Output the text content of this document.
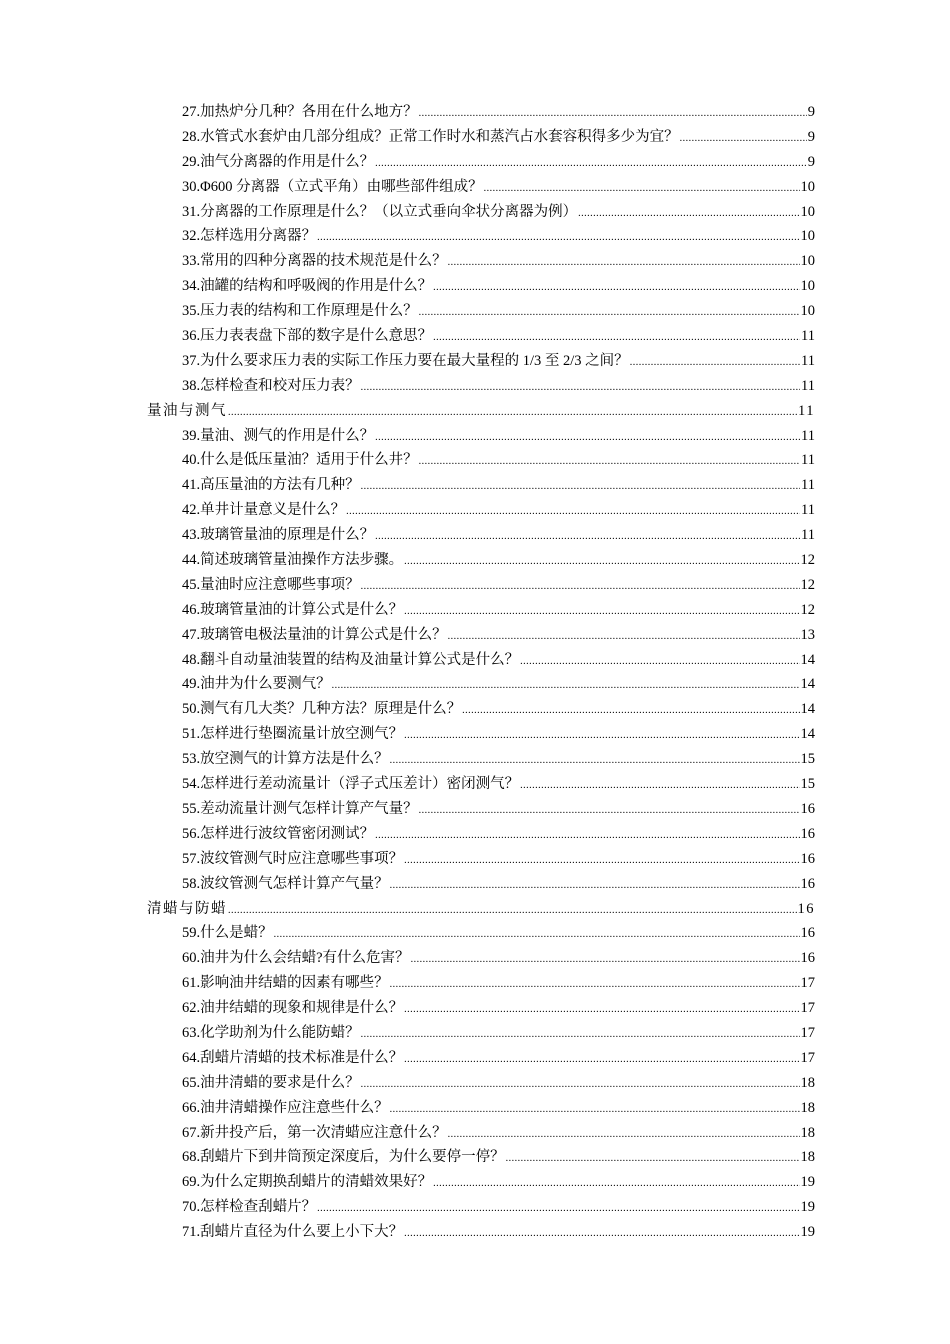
27.加热炉分几种？各用在什么地方？ .....	9
28.水管式水套炉由几部分组成？正常工作时水和蒸汽占水套容积得多少为宜？ .....	9
29.油气分离器的作用是什么？ .....	9
30.Φ600 分离器（立式平角）由哪些部件组成？ .....	10
31.分离器的工作原理是什么？（以立式垂向伞状分离器为例） .....	10
32.怎样选用分离器？ .....	10
33.常用的四种分离器的技术规范是什么？ .....	10
34.油罐的结构和呼吸阀的作用是什么？ .....	10
35.压力表的结构和工作原理是什么？ .....	10
36.压力表表盘下部的数字是什么意思？ .....	11
37.为什么要求压力表的实际工作压力要在最大量程的 1/3 至 2/3 之间？ .....	11
38.怎样检查和校对压力表？ .....	11
量油与测气 .....	11
39.量油、测气的作用是什么？ .....	11
40.什么是低压量油？适用于什么井？ .....	11
41.高压量油的方法有几种？ .....	11
42.单井计量意义是什么？ .....	11
43.玻璃管量油的原理是什么？ .....	11
44.简述玻璃管量油操作方法步骤。 .....	12
45.量油时应注意哪些事项？ .....	12
46.玻璃管量油的计算公式是什么？ .....	12
47.玻璃管电极法量油的计算公式是什么？ .....	13
48.翻斗自动量油装置的结构及油量计算公式是什么？ .....	14
49.油井为什么要测气？ .....	14
50.测气有几大类？几种方法？原理是什么？ .....	14
51.怎样进行垫圈流量计放空测气？ .....	14
53.放空测气的计算方法是什么？ .....	15
54.怎样进行差动流量计（浮子式压差计）密闭测气？ .....	15
55.差动流量计测气怎样计算产气量？ .....	16
56.怎样进行波纹管密闭测试？ .....	16
57.波纹管测气时应注意哪些事项？ .....	16
58.波纹管测气怎样计算产气量？ .....	16
清蜡与防蜡 .....	16
59.什么是蜡？ .....	16
60.油井为什么会结蜡?有什么危害？ .....	16
61.影响油井结蜡的因素有哪些？ .....	17
62.油井结蜡的现象和规律是什么？ .....	17
63.化学助剂为什么能防蜡？ .....	17
64.刮蜡片清蜡的技术标准是什么？ .....	17
65.油井清蜡的要求是什么？ .....	18
66.油井清蜡操作应注意些什么？ .....	18
67.新井投产后，第一次清蜡应注意什么？ .....	18
68.刮蜡片下到井筒预定深度后，为什么要停一停？ .....	18
69.为什么定期换刮蜡片的清蜡效果好？ .....	19
70.怎样检查刮蜡片？ .....	19
71.刮蜡片直径为什么要上小下大？ .....	19
